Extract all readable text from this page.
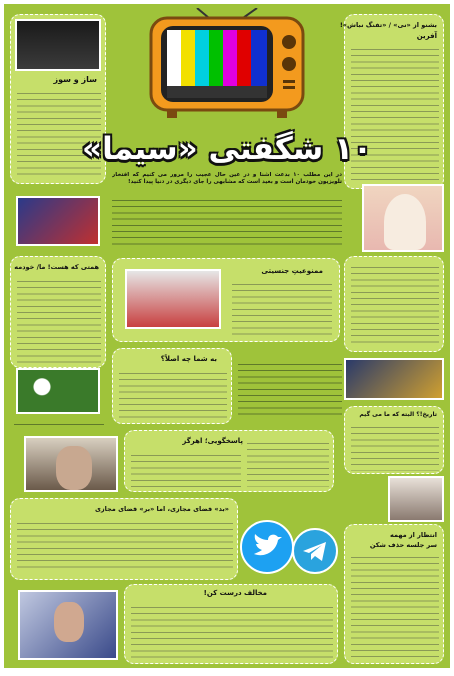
ساز و سوز
بشنو از «نی» / «تفنگ نباش»!
آفرین
۱۰ شگفتی «سیما»
در این مطلب ۱۰ بدعت آشنا و در عین حال عجیب را مرور می کنیم که افتخار تلویزیون خودمان است و بعید است که مشابهی را جای دیگری در دنیا پیدا کنید!
همتی که هست! ما/ خودمه	ممنوعیتِ جنسیتی
به شما چه اصلاً؟
تاریخ!؟ البته که ما می گیم
پاسخگویی؛ اهرگز
«بد» فضای مجازی، اما «بر» فضای مجازی
انتظار از مهمه
سر جلسه حذف شکن
مخالف درست کن!
